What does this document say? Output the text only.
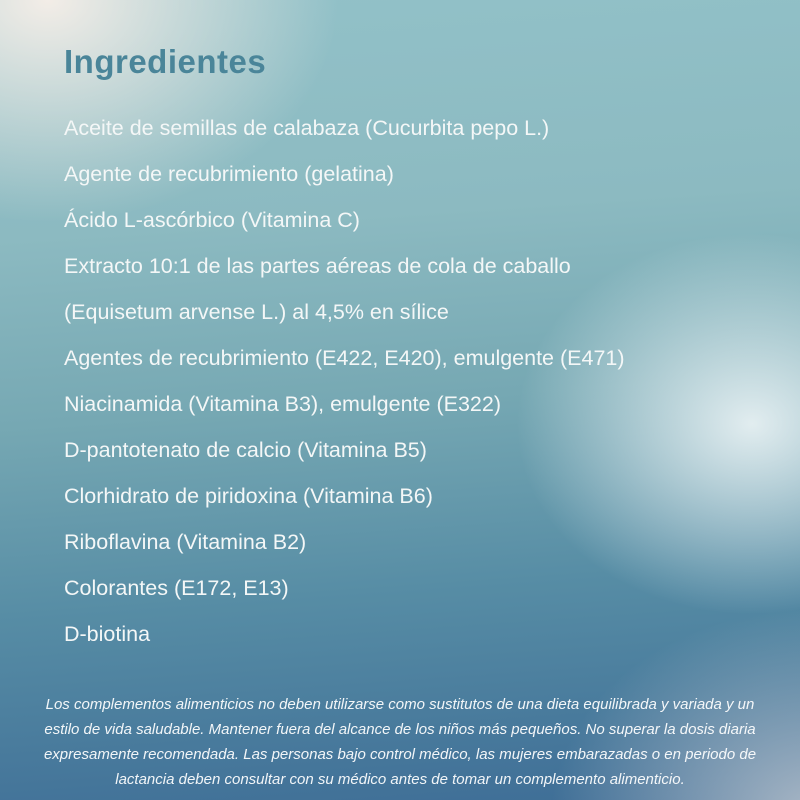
Ingredientes
Aceite de semillas de calabaza (Cucurbita pepo L.)
Agente de recubrimiento (gelatina)
Ácido L-ascórbico (Vitamina C)
Extracto 10:1 de las partes aéreas de cola de caballo
(Equisetum arvense L.) al 4,5% en sílice
Agentes de recubrimiento (E422, E420), emulgente (E471)
Niacinamida (Vitamina B3), emulgente (E322)
D-pantotenato de calcio (Vitamina B5)
Clorhidrato de piridoxina (Vitamina B6)
Riboflavina (Vitamina B2)
Colorantes (E172, E13)
D-biotina
Los complementos alimenticios no deben utilizarse como sustitutos de una dieta equilibrada y variada y un estilo de vida saludable. Mantener fuera del alcance de los niños más pequeños. No superar la dosis diaria expresamente recomendada. Las personas bajo control médico, las mujeres embarazadas o en periodo de lactancia deben consultar con su médico antes de tomar un complemento alimenticio.
